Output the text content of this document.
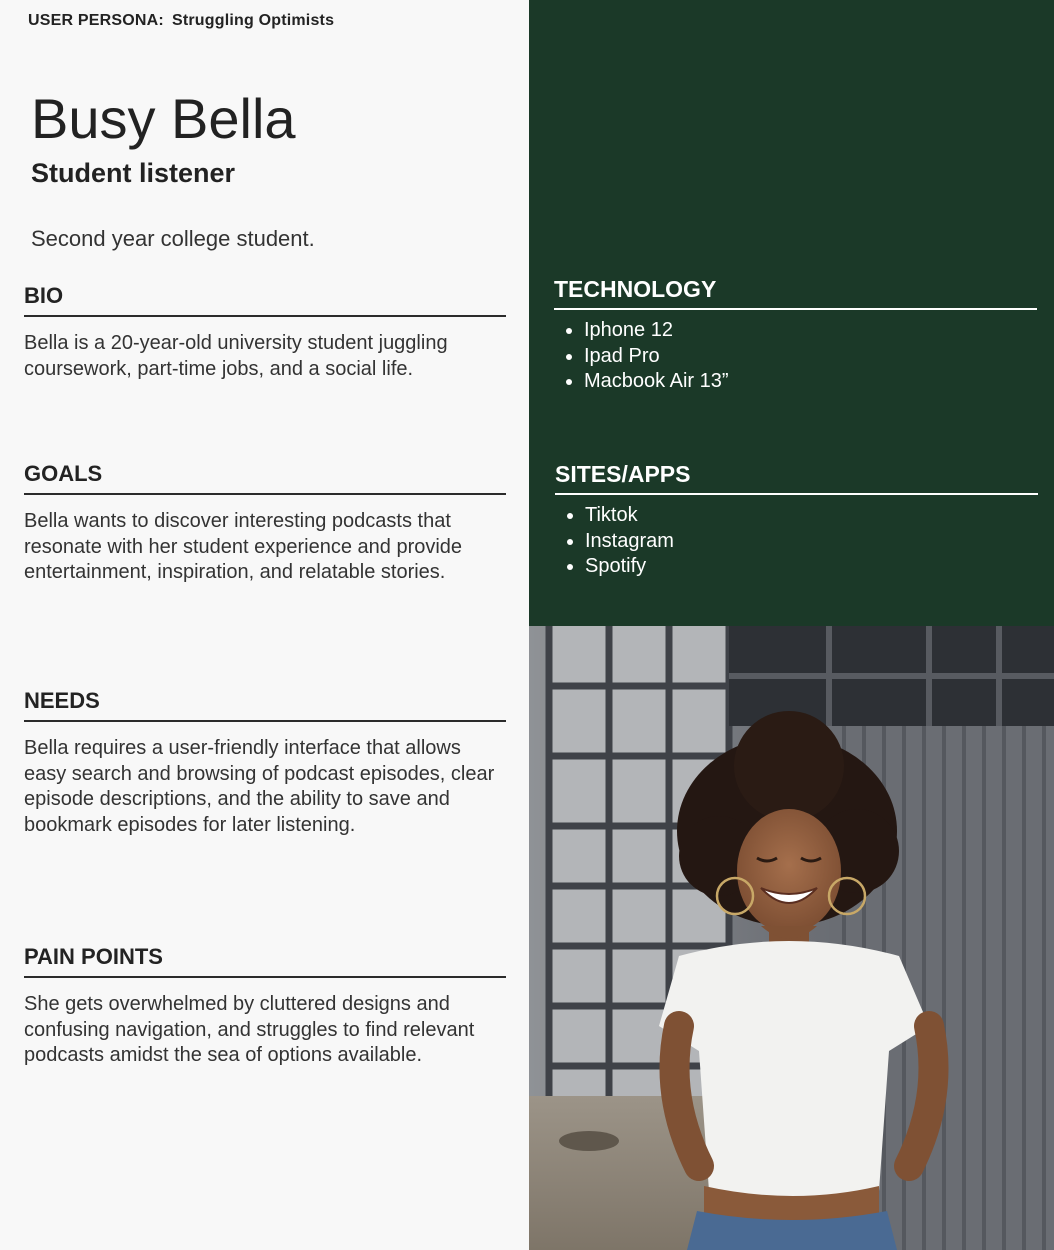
USER PERSONA: Struggling Optimists
Busy Bella
Student listener
Second year college student.
BIO

Bella is a 20-year-old university student juggling coursework, part-time jobs, and a social life.

GOALS

Bella wants to discover interesting podcasts that resonate with her student experience and provide entertainment, inspiration, and relatable stories.

NEEDS

Bella requires a user-friendly interface that allows easy search and browsing of podcast episodes, clear episode descriptions, and the ability to save and bookmark episodes for later listening.

PAIN POINTS

She gets overwhelmed by cluttered designs and confusing navigation, and struggles to find relevant podcasts amidst the sea of options available.

TECHNOLOGY
• Iphone 12
• Ipad Pro
• Macbook Air 13”
SITES/APPS
• Tiktok
• Instagram
• Spotify
